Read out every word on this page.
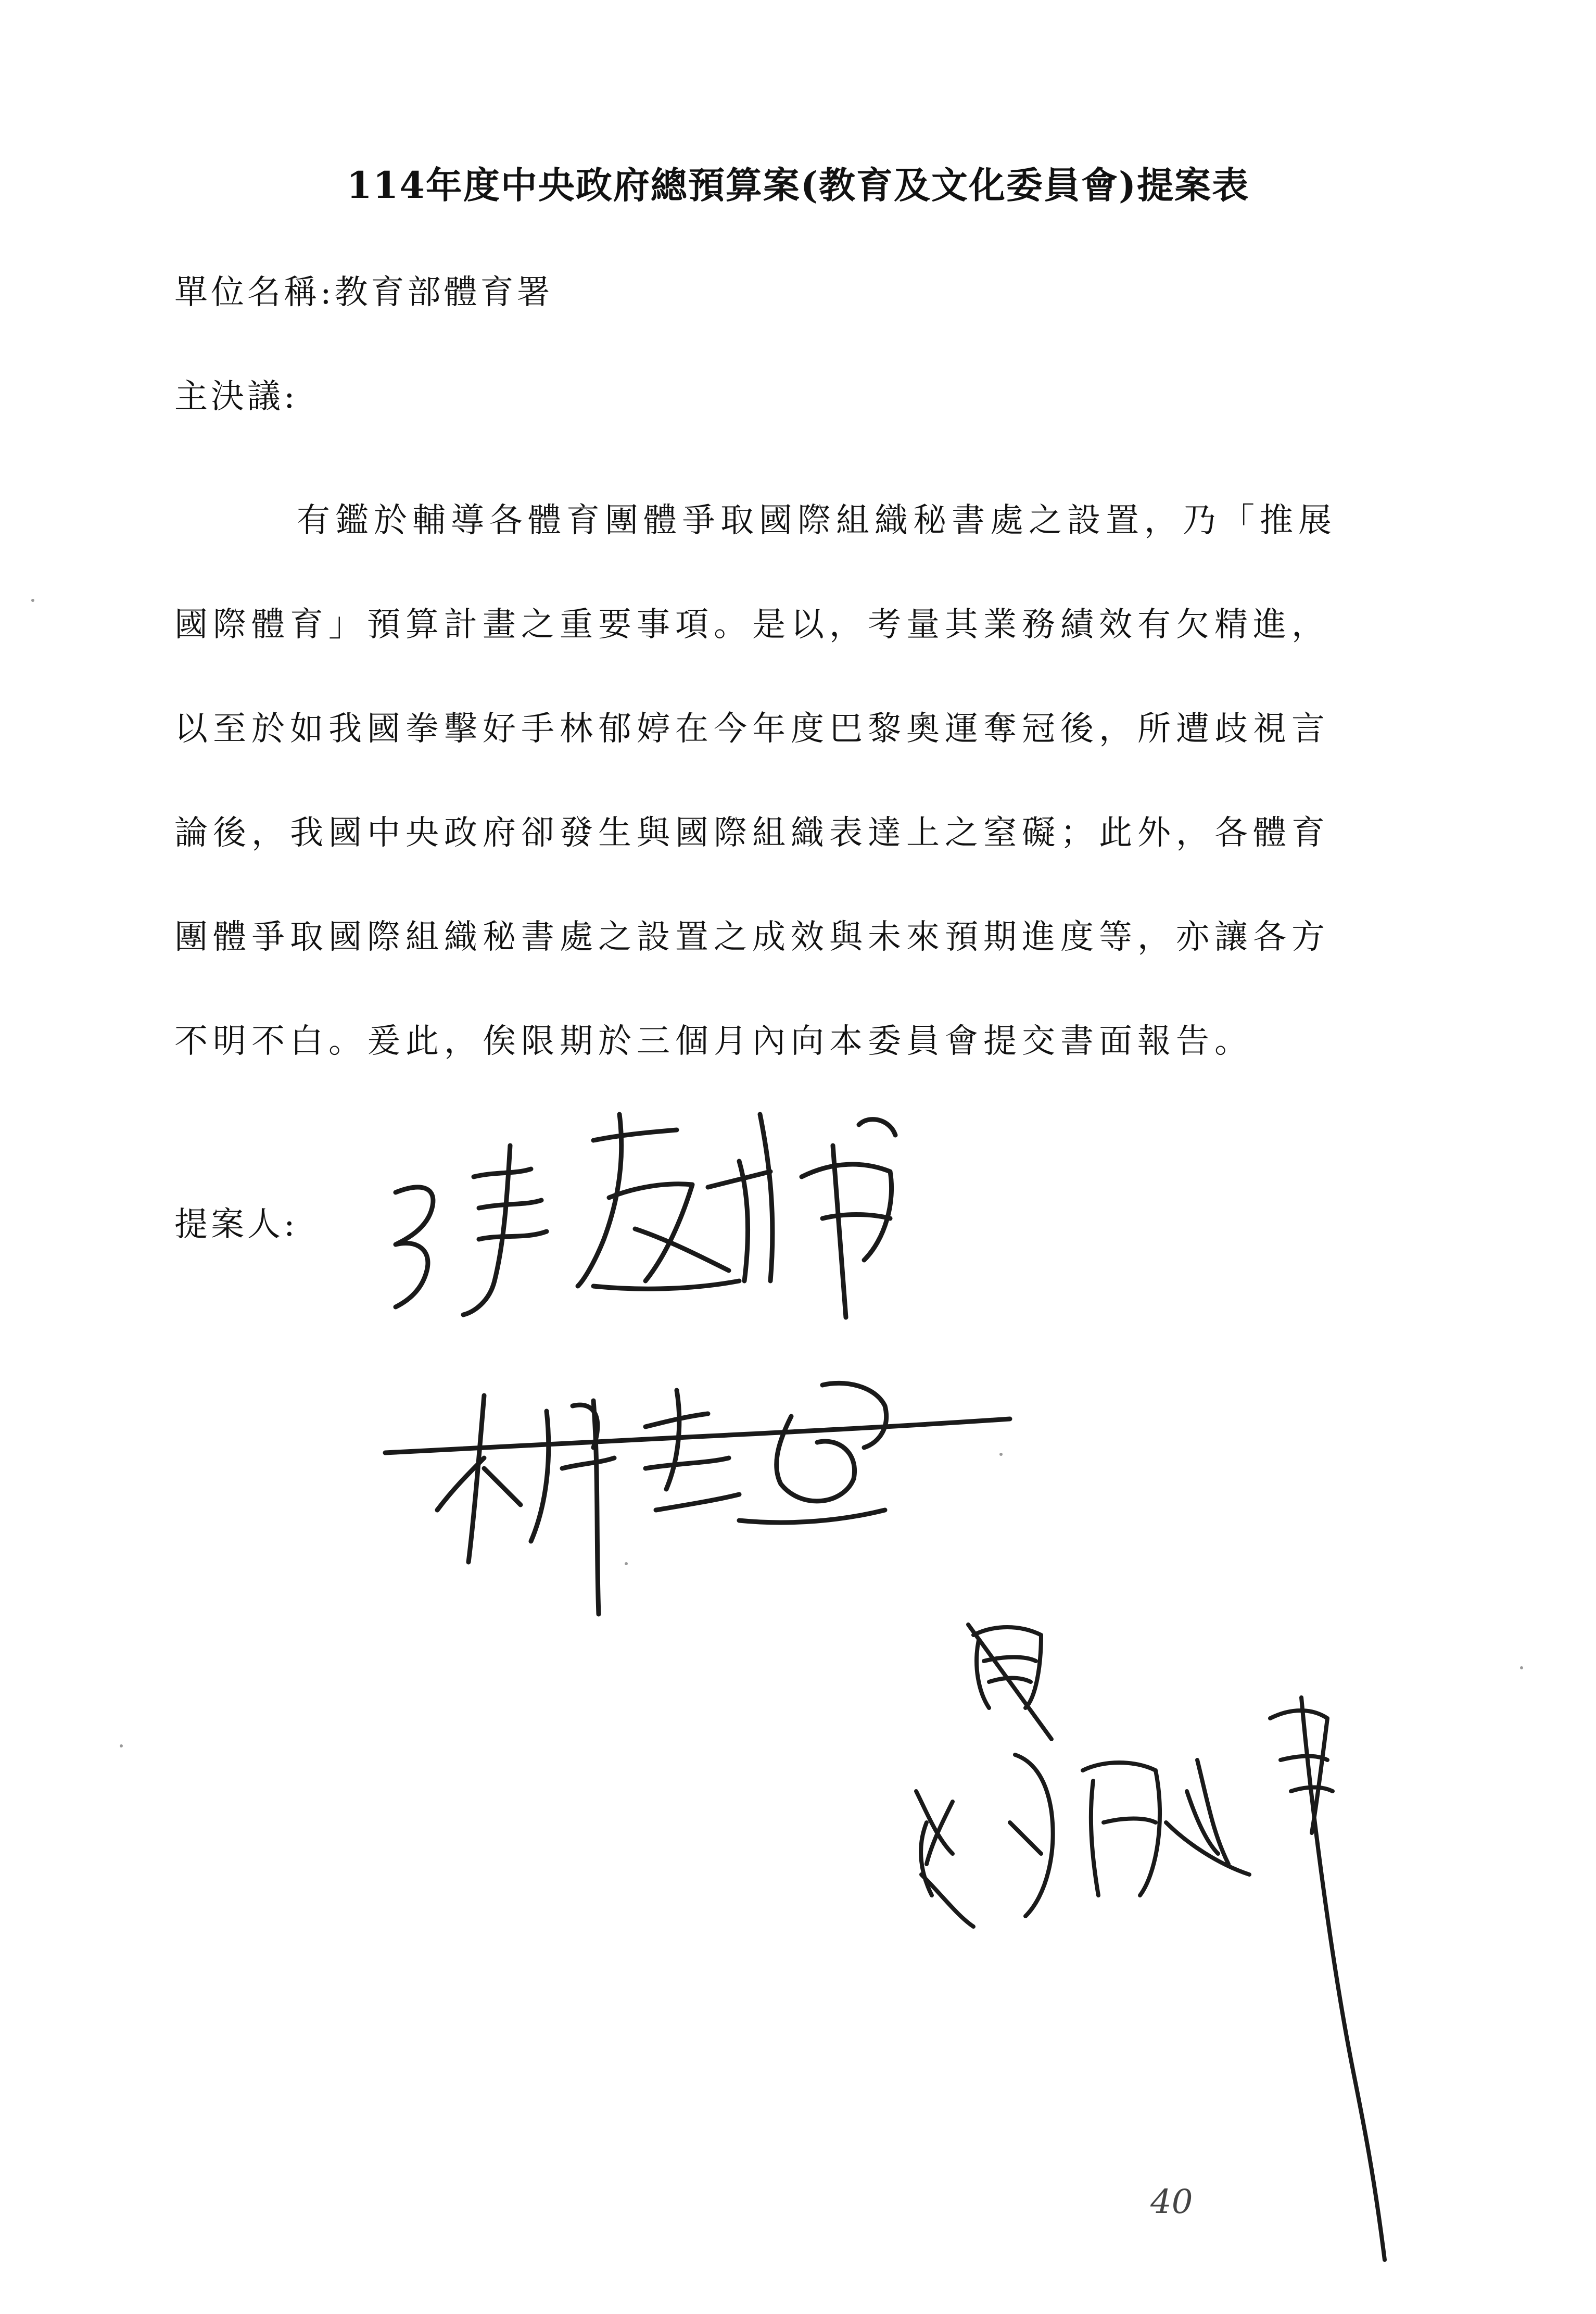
114年度中央政府總預算案(教育及文化委員會)提案表
單位名稱:教育部體育署
主決議:
有鑑於輔導各體育團體爭取國際組織秘書處之設置，乃「推展
國際體育」預算計畫之重要事項。是以，考量其業務績效有欠精進，
以至於如我國拳擊好手林郁婷在今年度巴黎奧運奪冠後，所遭歧視言
論後，我國中央政府卻發生與國際組織表達上之窒礙；此外，各體育
團體爭取國際組織秘書處之設置之成效與未來預期進度等，亦讓各方
不明不白。爰此，俟限期於三個月內向本委員會提交書面報告。
提案人:
40
